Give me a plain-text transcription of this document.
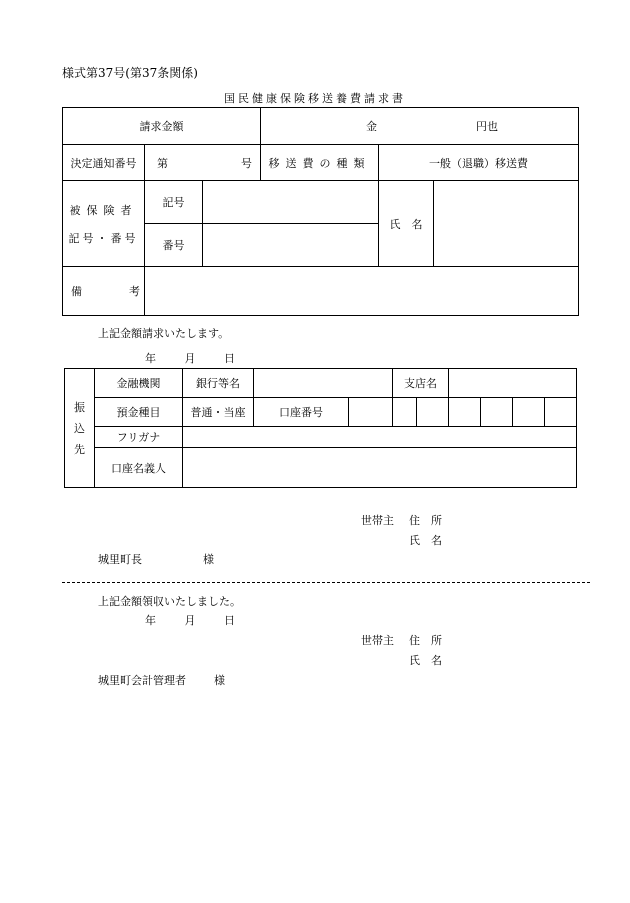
様式第37号(第37条関係)
国民健康保険移送養費請求書
請求金額			金 円也		

決定通知番号	第 号		移送費の種類	一般（退職）移送費	

被保険者
記号・番号	記号			氏　名	
	番号				

備 考					

上記金額請求いたします。
年	月	日
振
込
先	金融機関	銀行等名			支店名					
	預金種目	普通・当座	口座番号							
	フリガナ									
	口座名義人									
世帯主 住　所
氏　名
城里町長	様
上記金額領収いたしました。
年	月	日
世帯主 住　所
氏　名
城里町会計管理者	様
